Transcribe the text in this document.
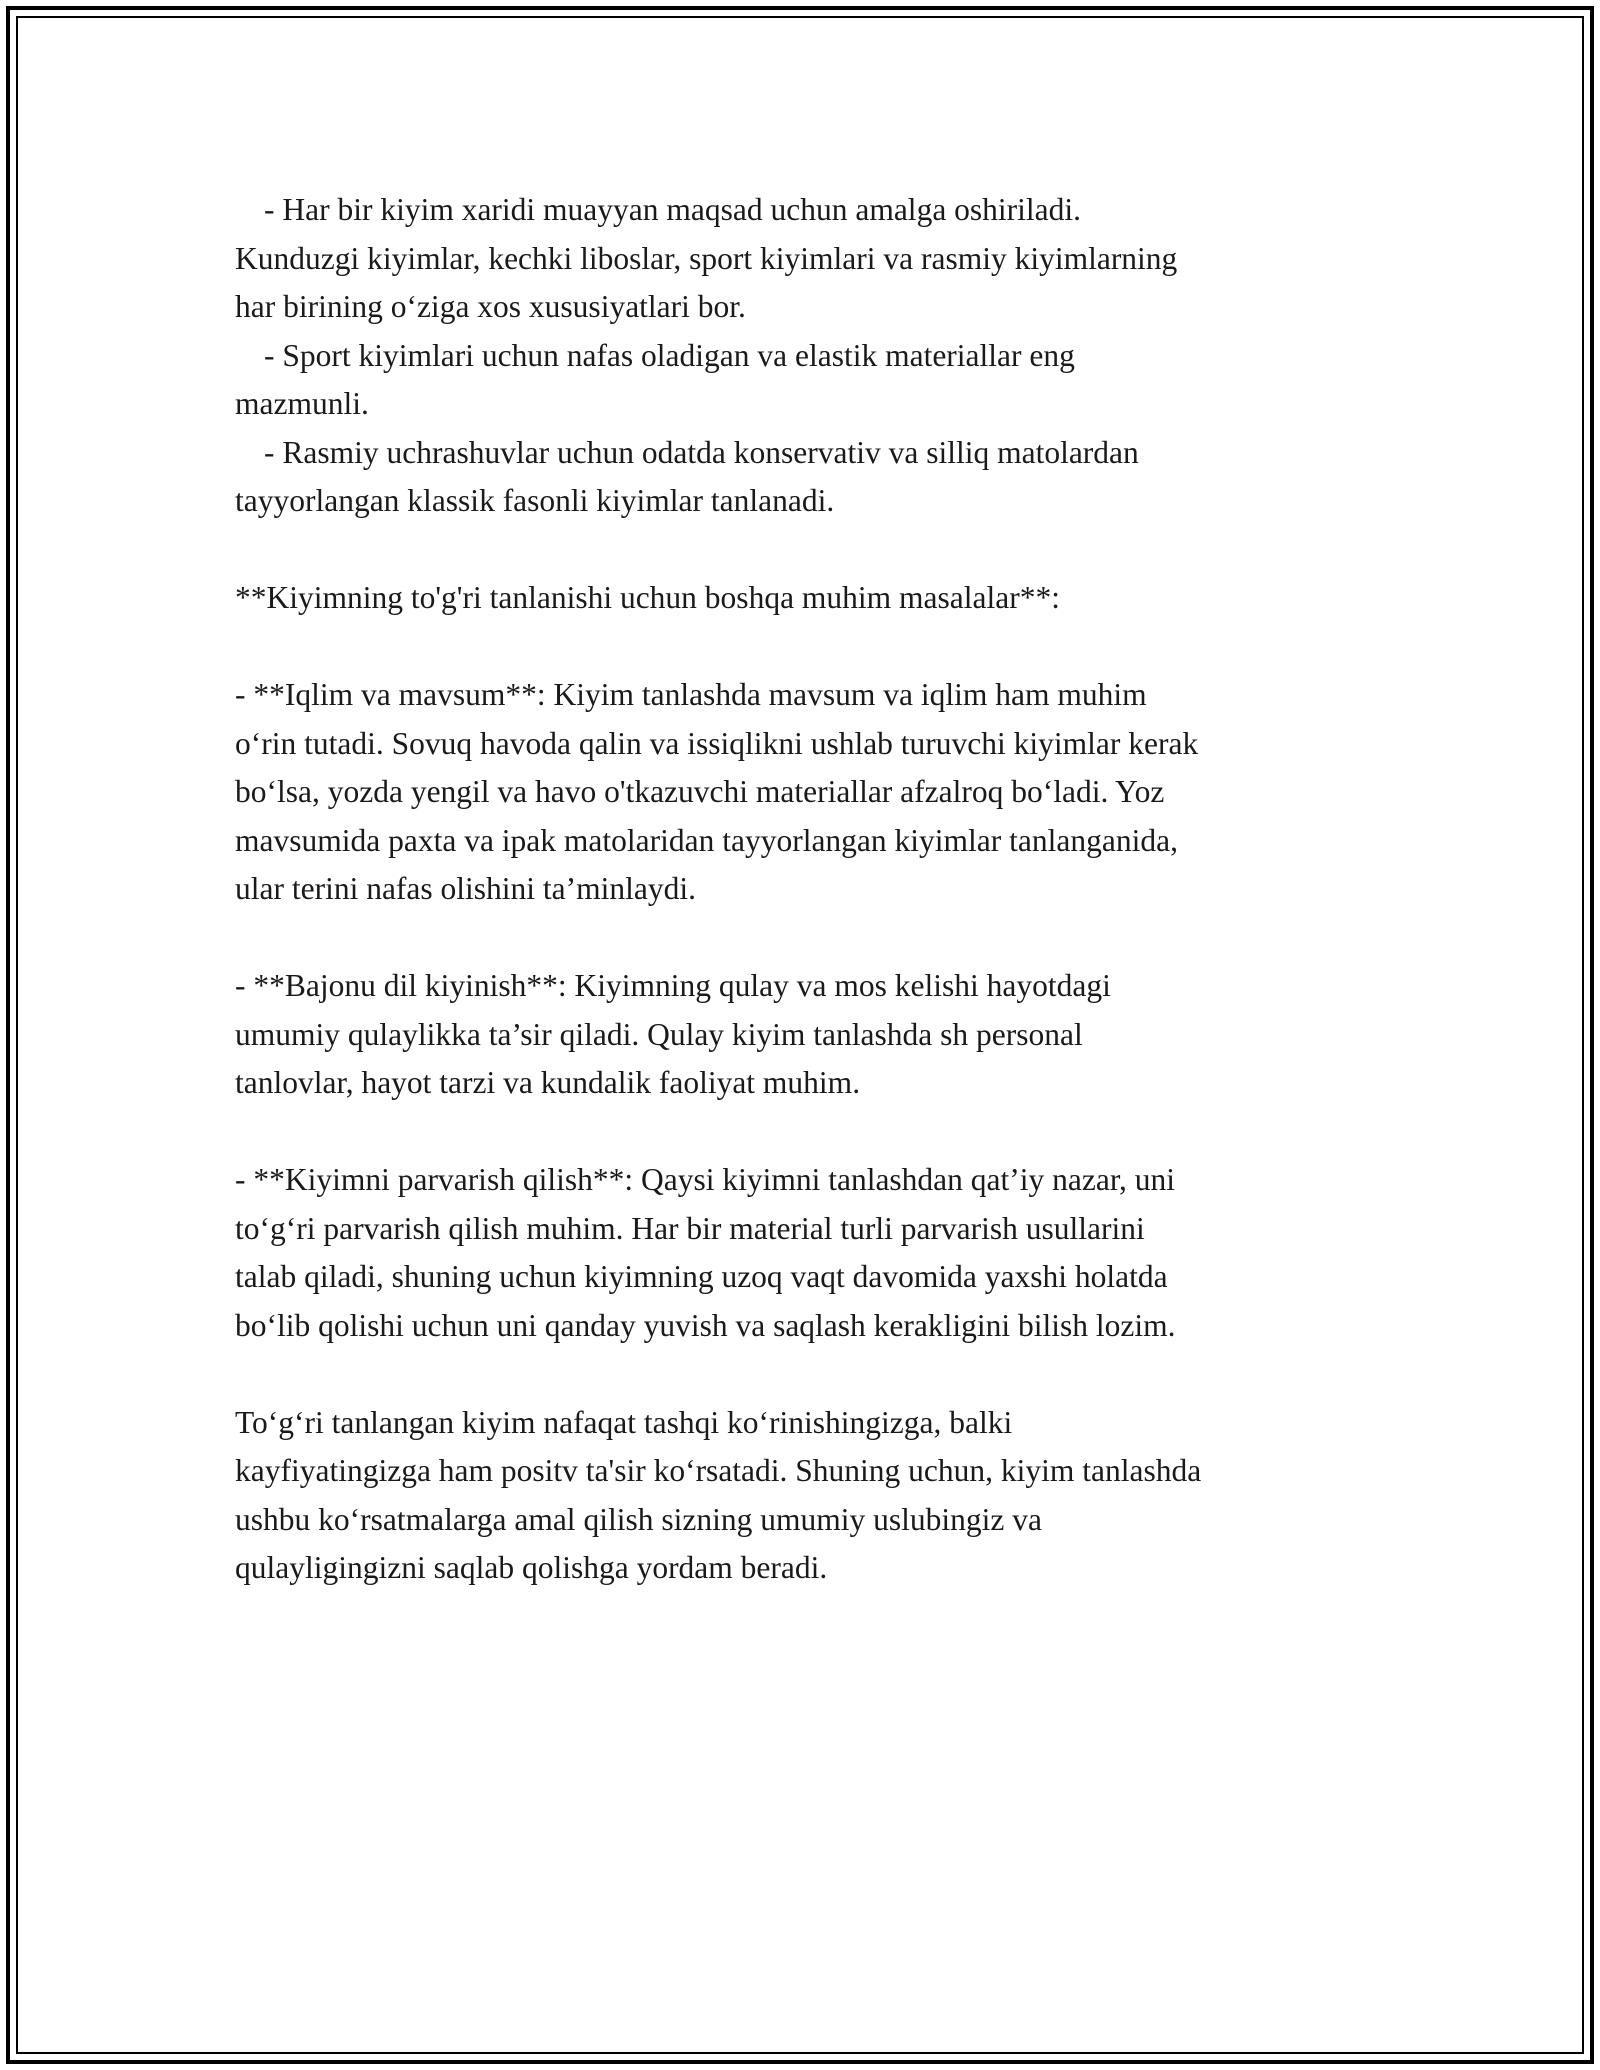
- Har bir kiyim xaridi muayyan maqsad uchun amalga oshiriladi.
Kunduzgi kiyimlar, kechki liboslar, sport kiyimlari va rasmiy kiyimlarning
har birining o‘ziga xos xususiyatlari bor.
- Sport kiyimlari uchun nafas oladigan va elastik materiallar eng
mazmunli.
- Rasmiy uchrashuvlar uchun odatda konservativ va silliq matolardan
tayyorlangan klassik fasonli kiyimlar tanlanadi.
**Kiyimning to'g'ri tanlanishi uchun boshqa muhim masalalar**:
- **Iqlim va mavsum**: Kiyim tanlashda mavsum va iqlim ham muhim
o‘rin tutadi. Sovuq havoda qalin va issiqlikni ushlab turuvchi kiyimlar kerak
bo‘lsa, yozda yengil va havo o'tkazuvchi materiallar afzalroq bo‘ladi. Yoz
mavsumida paxta va ipak matolaridan tayyorlangan kiyimlar tanlanganida,
ular terini nafas olishini ta’minlaydi.
- **Bajonu dil kiyinish**: Kiyimning qulay va mos kelishi hayotdagi
umumiy qulaylikka ta’sir qiladi. Qulay kiyim tanlashda sh personal
tanlovlar, hayot tarzi va kundalik faoliyat muhim.
- **Kiyimni parvarish qilish**: Qaysi kiyimni tanlashdan qat’iy nazar, uni
to‘g‘ri parvarish qilish muhim. Har bir material turli parvarish usullarini
talab qiladi, shuning uchun kiyimning uzoq vaqt davomida yaxshi holatda
bo‘lib qolishi uchun uni qanday yuvish va saqlash kerakligini bilish lozim.
To‘g‘ri tanlangan kiyim nafaqat tashqi ko‘rinishingizga, balki
kayfiyatingizga ham positv ta'sir ko‘rsatadi. Shuning uchun, kiyim tanlashda
ushbu ko‘rsatmalarga amal qilish sizning umumiy uslubingiz va
qulayligingizni saqlab qolishga yordam beradi.
